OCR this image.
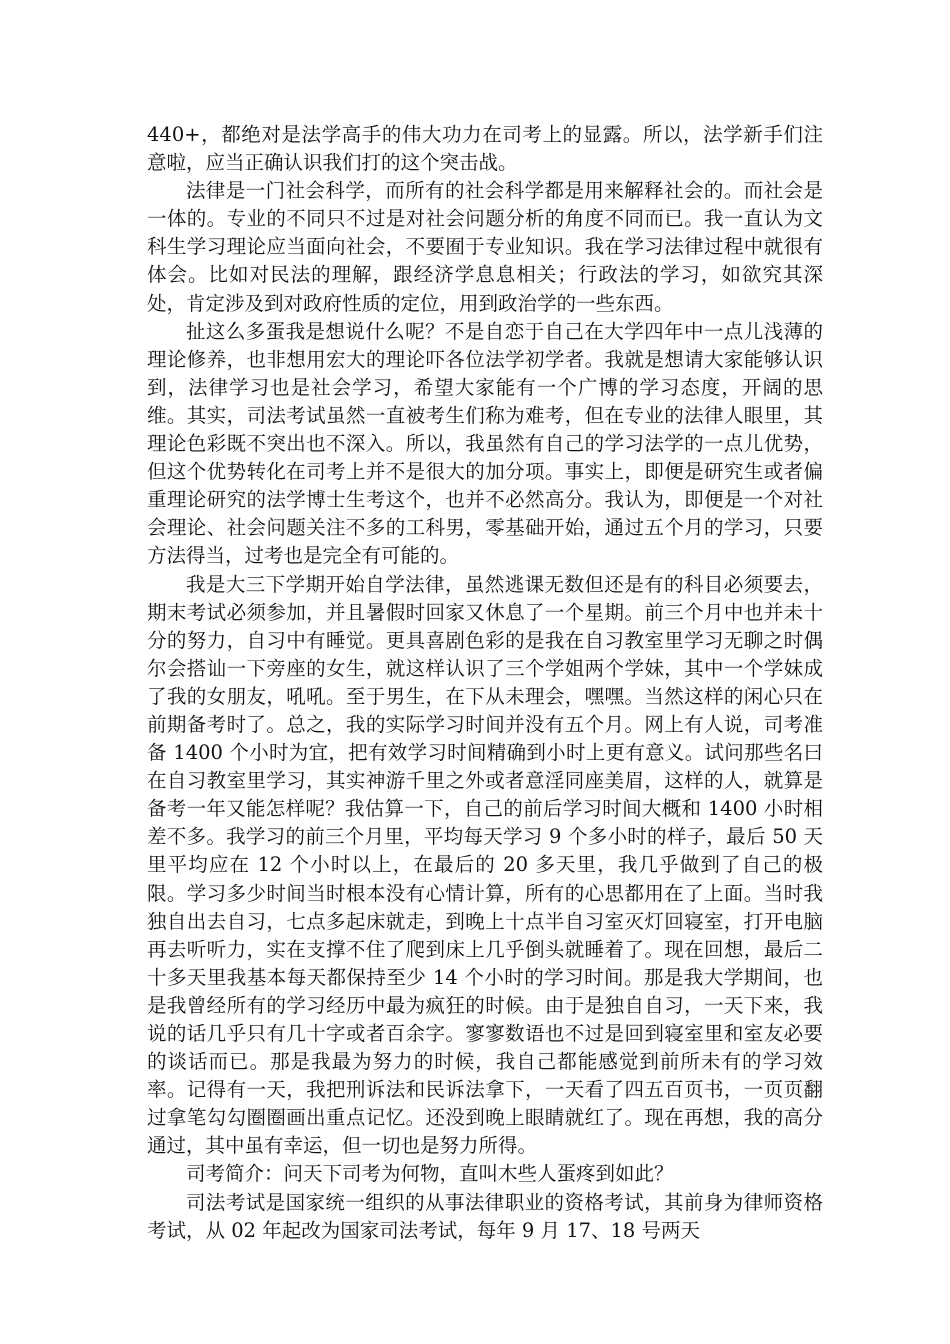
440+，都绝对是法学高手的伟大功力在司考上的显露。所以，法学新手们注意啦，应当正确认识我们打的这个突击战。

法律是一门社会科学，而所有的社会科学都是用来解释社会的。而社会是一体的。专业的不同只不过是对社会问题分析的角度不同而已。我一直认为文科生学习理论应当面向社会，不要囿于专业知识。我在学习法律过程中就很有体会。比如对民法的理解，跟经济学息息相关；行政法的学习，如欲究其深处，肯定涉及到对政府性质的定位，用到政治学的一些东西。

扯这么多蛋我是想说什么呢？不是自恋于自己在大学四年中一点儿浅薄的理论修养，也非想用宏大的理论吓各位法学初学者。我就是想请大家能够认识到，法律学习也是社会学习，希望大家能有一个广博的学习态度，开阔的思维。其实，司法考试虽然一直被考生们称为难考，但在专业的法律人眼里，其理论色彩既不突出也不深入。所以，我虽然有自己的学习法学的一点儿优势，但这个优势转化在司考上并不是很大的加分项。事实上，即便是研究生或者偏重理论研究的法学博士生考这个，也并不必然高分。我认为，即便是一个对社会理论、社会问题关注不多的工科男，零基础开始，通过五个月的学习，只要方法得当，过考也是完全有可能的。

我是大三下学期开始自学法律，虽然逃课无数但还是有的科目必须要去，期末考试必须参加，并且暑假时回家又休息了一个星期。前三个月中也并未十分的努力，自习中有睡觉。更具喜剧色彩的是我在自习教室里学习无聊之时偶尔会搭讪一下旁座的女生，就这样认识了三个学姐两个学妹，其中一个学妹成了我的女朋友，吼吼。至于男生，在下从未理会，嘿嘿。当然这样的闲心只在前期备考时了。总之，我的实际学习时间并没有五个月。网上有人说，司考准备 1400 个小时为宜，把有效学习时间精确到小时上更有意义。试问那些名曰在自习教室里学习，其实神游千里之外或者意淫同座美眉，这样的人，就算是备考一年又能怎样呢？我估算一下，自己的前后学习时间大概和 1400 小时相差不多。我学习的前三个月里，平均每天学习 9 个多小时的样子，最后 50 天里平均应在 12 个小时以上，在最后的 20 多天里，我几乎做到了自己的极限。学习多少时间当时根本没有心情计算，所有的心思都用在了上面。当时我独自出去自习，七点多起床就走，到晚上十点半自习室灭灯回寝室，打开电脑再去听听力，实在支撑不住了爬到床上几乎倒头就睡着了。现在回想，最后二十多天里我基本每天都保持至少 14 个小时的学习时间。那是我大学期间，也是我曾经所有的学习经历中最为疯狂的时候。由于是独自自习，一天下来，我说的话几乎只有几十字或者百余字。寥寥数语也不过是回到寝室里和室友必要的谈话而已。那是我最为努力的时候，我自己都能感觉到前所未有的学习效率。记得有一天，我把刑诉法和民诉法拿下，一天看了四五百页书，一页页翻过拿笔勾勾圈圈画出重点记忆。还没到晚上眼睛就红了。现在再想，我的高分通过，其中虽有幸运，但一切也是努力所得。

司考简介：问天下司考为何物，直叫木些人蛋疼到如此？

司法考试是国家统一组织的从事法律职业的资格考试，其前身为律师资格考试，从 02 年起改为国家司法考试，每年 9 月 17、18 号两天
